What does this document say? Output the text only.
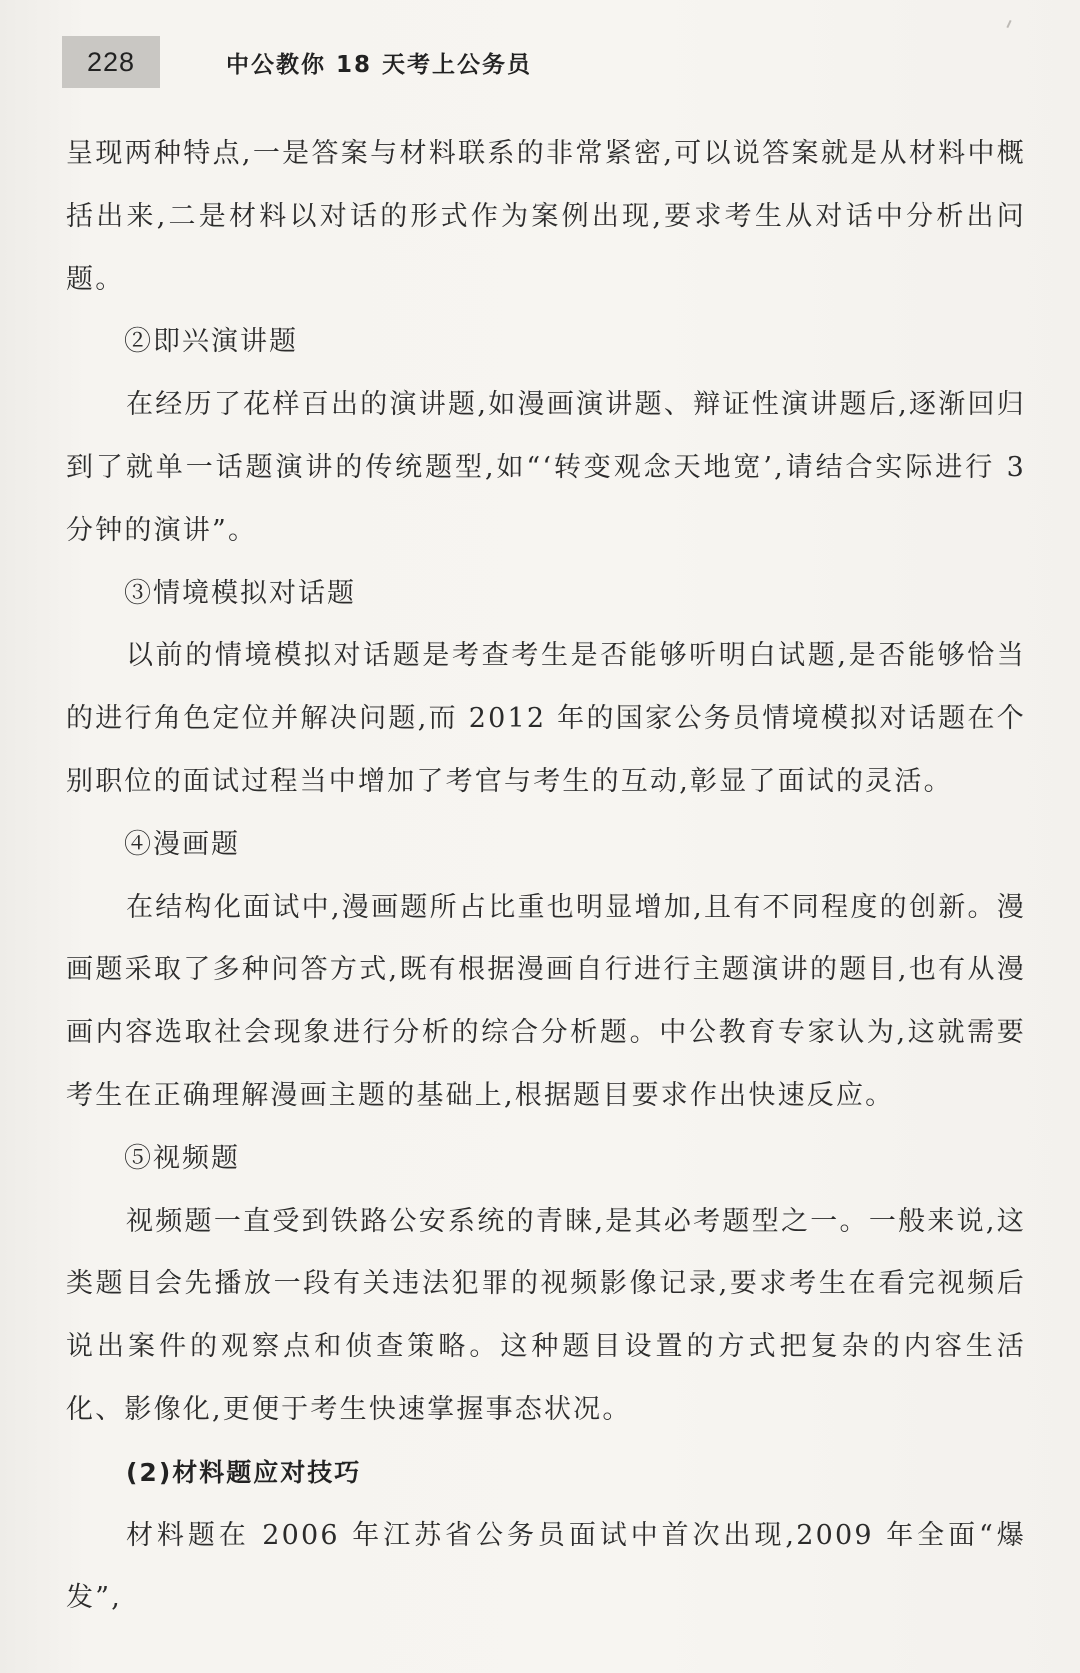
228	中公教你 18 天考上公务员

呈现两种特点,一是答案与材料联系的非常紧密,可以说答案就是从材料中概括出来,二是材料以对话的形式作为案例出现,要求考生从对话中分析出问题。

②即兴演讲题

在经历了花样百出的演讲题,如漫画演讲题、辩证性演讲题后,逐渐回归到了就单一话题演讲的传统题型,如“‘转变观念天地宽’,请结合实际进行 3 分钟的演讲”。

③情境模拟对话题

以前的情境模拟对话题是考查考生是否能够听明白试题,是否能够恰当的进行角色定位并解决问题,而 2012 年的国家公务员情境模拟对话题在个别职位的面试过程当中增加了考官与考生的互动,彰显了面试的灵活。

④漫画题

在结构化面试中,漫画题所占比重也明显增加,且有不同程度的创新。漫画题采取了多种问答方式,既有根据漫画自行进行主题演讲的题目,也有从漫画内容选取社会现象进行分析的综合分析题。中公教育专家认为,这就需要考生在正确理解漫画主题的基础上,根据题目要求作出快速反应。

⑤视频题

视频题一直受到铁路公安系统的青睐,是其必考题型之一。一般来说,这类题目会先播放一段有关违法犯罪的视频影像记录,要求考生在看完视频后说出案件的观察点和侦查策略。这种题目设置的方式把复杂的内容生活化、影像化,更便于考生快速掌握事态状况。

(2)材料题应对技巧

材料题在 2006 年江苏省公务员面试中首次出现,2009 年全面“爆发”,
